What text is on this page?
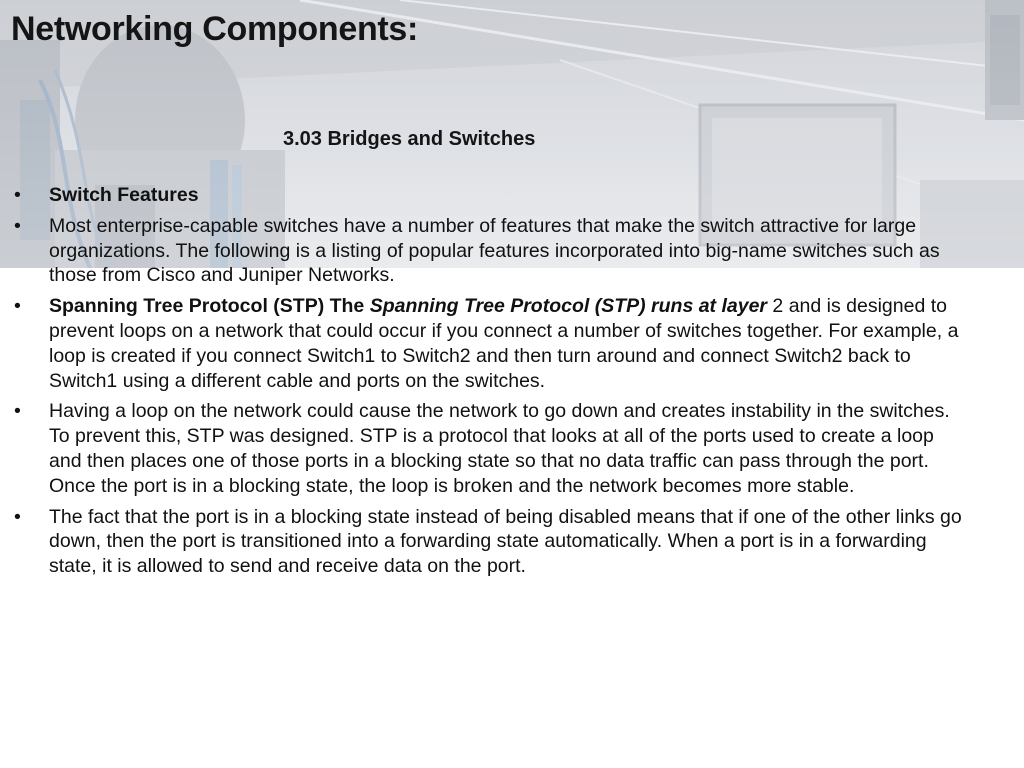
Networking Components:
3.03 Bridges and Switches
•	Switch Features
•	Most enterprise-capable switches have a number of features that make the switch attractive for large organizations. The following is a listing of popular features incorporated into big-name switches such as those from Cisco and Juniper Networks.
•	Spanning Tree Protocol (STP) The Spanning Tree Protocol (STP) runs at layer 2 and is designed to prevent loops on a network that could occur if you connect a number of switches together. For example, a loop is created if you connect Switch1 to Switch2 and then turn around and connect Switch2 back to Switch1 using a different cable and ports on the switches.
•	Having a loop on the network could cause the network to go down and creates instability in the switches. To prevent this, STP was designed. STP is a protocol that looks at all of the ports used to create a loop and then places one of those ports in a blocking state so that no data traffic can pass through the port. Once the port is in a blocking state, the loop is broken and the network becomes more stable.
•	The fact that the port is in a blocking state instead of being disabled means that if one of the other links go down, then the port is transitioned into a forwarding state automatically. When a port is in a forwarding state, it is allowed to send and receive data on the port.
